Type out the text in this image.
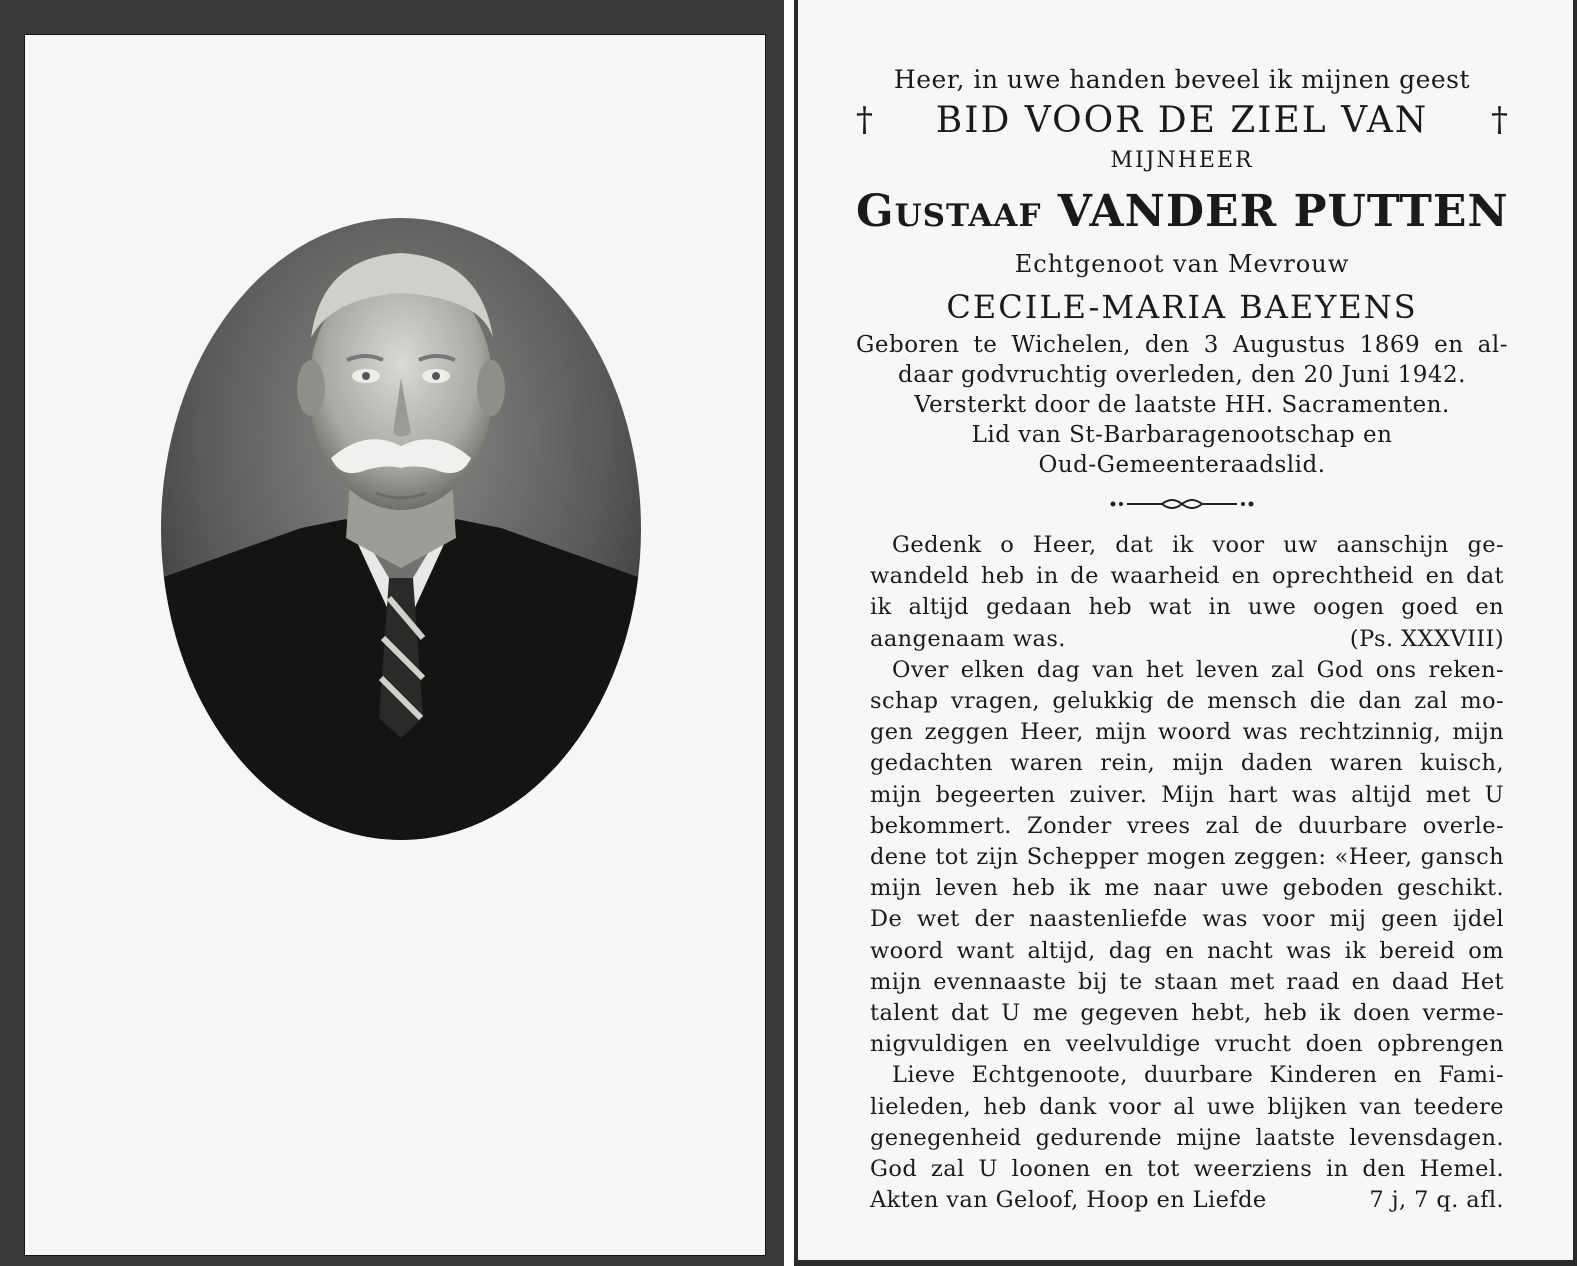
Heer, in uwe handen beveel ik mijnen geest
† BID VOOR DE ZIEL VAN †
MIJNHEER
Gustaaf VANDER PUTTEN
Echtgenoot van Mevrouw
CECILE-MARIA BAEYENS
Geboren te Wichelen, den 3 Augustus 1869 en al-
daar godvruchtig overleden, den 20 Juni 1942.
Versterkt door de laatste HH. Sacramenten.
Lid van St-Barbaragenootschap en
Oud-Gemeenteraadslid.
Gedenk o Heer, dat ik voor uw aanschijn ge-
wandeld heb in de waarheid en oprechtheid en dat
ik altijd gedaan heb wat in uwe oogen goed en
aangenaam was.	(Ps. XXXVIII)
Over elken dag van het leven zal God ons reken-
schap vragen, gelukkig de mensch die dan zal mo-
gen zeggen Heer, mijn woord was rechtzinnig, mijn
gedachten waren rein, mijn daden waren kuisch,
mijn begeerten zuiver. Mijn hart was altijd met U
bekommert. Zonder vrees zal de duurbare overle-
dene tot zijn Schepper mogen zeggen: «Heer, gansch
mijn leven heb ik me naar uwe geboden geschikt.
De wet der naastenliefde was voor mij geen ijdel
woord want altijd, dag en nacht was ik bereid om
mijn evennaaste bij te staan met raad en daad Het
talent dat U me gegeven hebt, heb ik doen verme-
nigvuldigen en veelvuldige vrucht doen opbrengen
Lieve Echtgenoote, duurbare Kinderen en Fami-
lieleden, heb dank voor al uwe blijken van teedere
genegenheid gedurende mijne laatste levensdagen.
God zal U loonen en tot weerziens in den Hemel.
Akten van Geloof, Hoop en Liefde	7 j, 7 q. afl.
